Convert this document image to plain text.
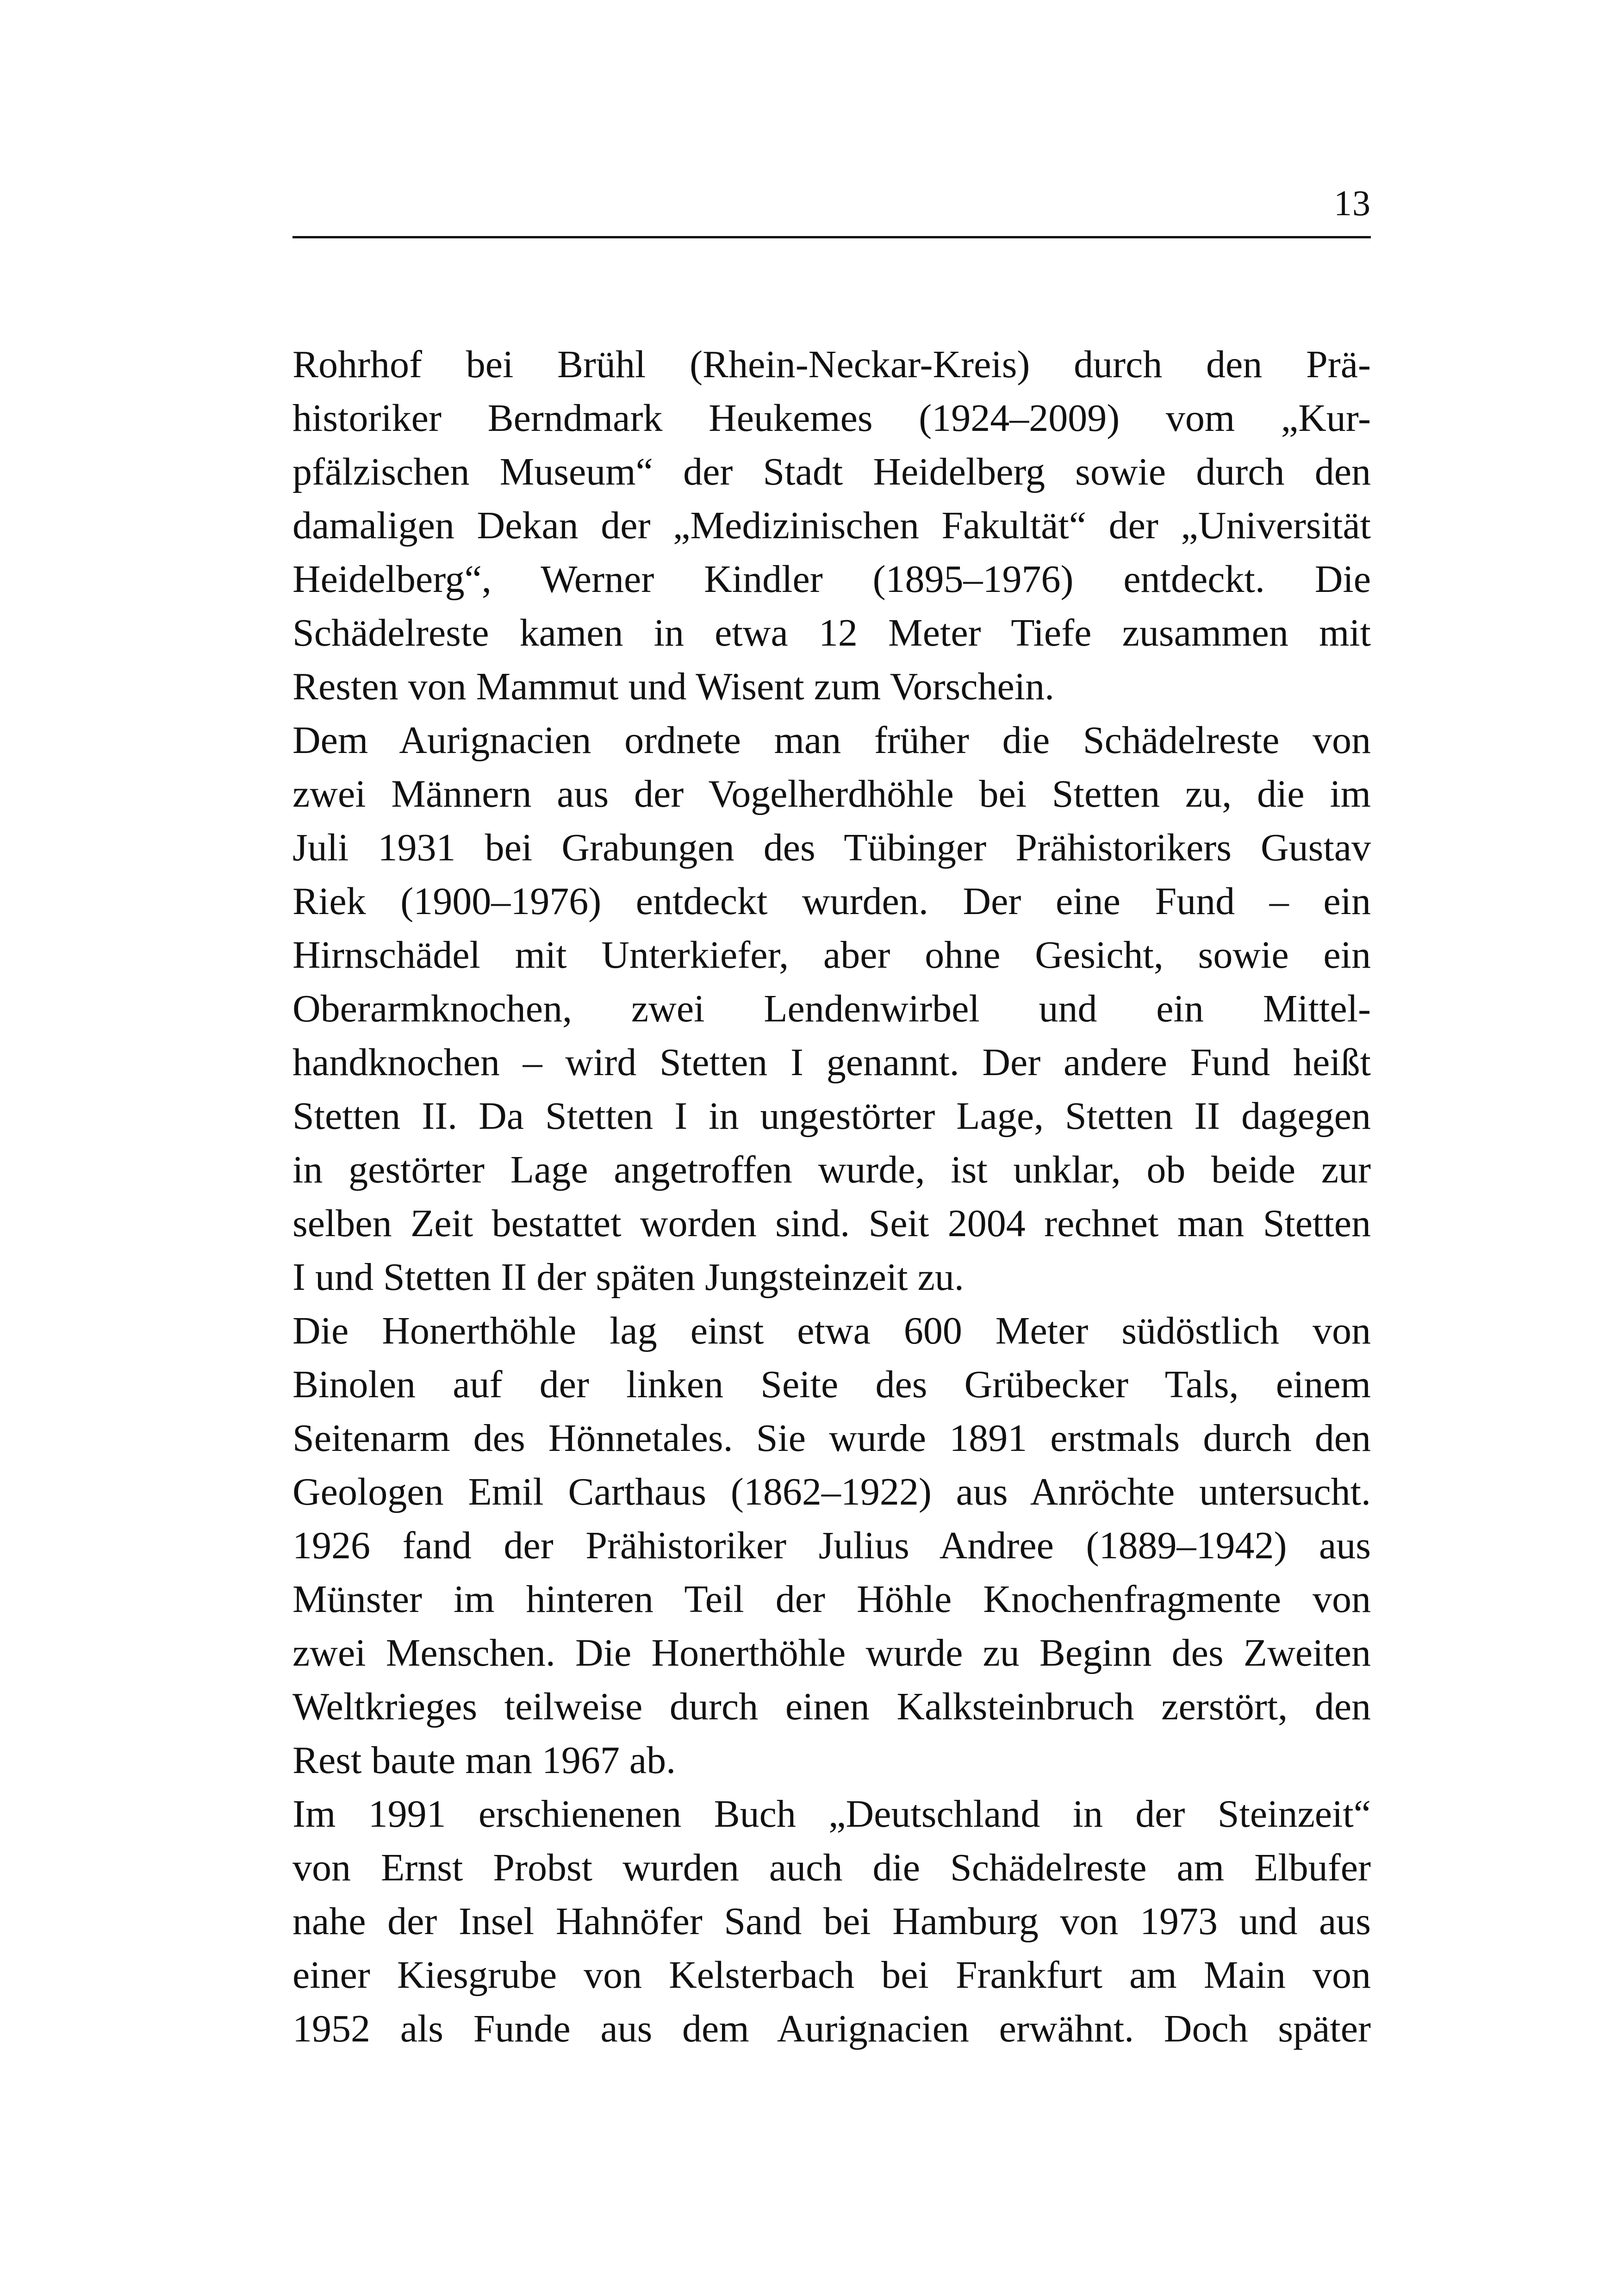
13
Rohrhof bei Brühl (Rhein-Neckar-Kreis) durch den Prä-
historiker Berndmark Heukemes (1924–2009) vom „Kur-
pfälzischen Museum“ der Stadt Heidelberg sowie durch den
damaligen Dekan der „Medizinischen Fakultät“ der „Universität
Heidelberg“, Werner Kindler (1895–1976) entdeckt. Die
Schädelreste kamen in etwa 12 Meter Tiefe zusammen mit
Resten von Mammut und Wisent zum Vorschein.
Dem Aurignacien ordnete man früher die Schädelreste von
zwei Männern aus der Vogelherdhöhle bei Stetten zu, die im
Juli 1931 bei Grabungen des Tübinger Prähistorikers Gustav
Riek (1900–1976) entdeckt wurden. Der eine Fund – ein
Hirnschädel mit Unterkiefer, aber ohne Gesicht, sowie ein
Oberarmknochen, zwei Lendenwirbel und ein Mittel-
handknochen – wird Stetten I genannt. Der andere Fund heißt
Stetten II. Da Stetten I in ungestörter Lage, Stetten II dagegen
in gestörter Lage angetroffen wurde, ist unklar, ob beide zur
selben Zeit bestattet worden sind. Seit 2004 rechnet man Stetten
I und Stetten II der späten Jungsteinzeit zu.
Die Honerthöhle lag einst etwa 600 Meter südöstlich von
Binolen auf der linken Seite des Grübecker Tals, einem
Seitenarm des Hönnetales. Sie wurde 1891 erstmals durch den
Geologen Emil Carthaus (1862–1922) aus Anröchte untersucht.
1926 fand der Prähistoriker Julius Andree (1889–1942) aus
Münster im hinteren Teil der Höhle Knochenfragmente von
zwei Menschen. Die Honerthöhle wurde zu Beginn des Zweiten
Weltkrieges teilweise durch einen Kalksteinbruch zerstört, den
Rest baute man 1967 ab.
Im 1991 erschienenen Buch „Deutschland in der Steinzeit“
von Ernst Probst wurden auch die Schädelreste am Elbufer
nahe der Insel Hahnöfer Sand bei Hamburg von 1973 und aus
einer Kiesgrube von Kelsterbach bei Frankfurt am Main von
1952 als Funde aus dem Aurignacien erwähnt. Doch später
